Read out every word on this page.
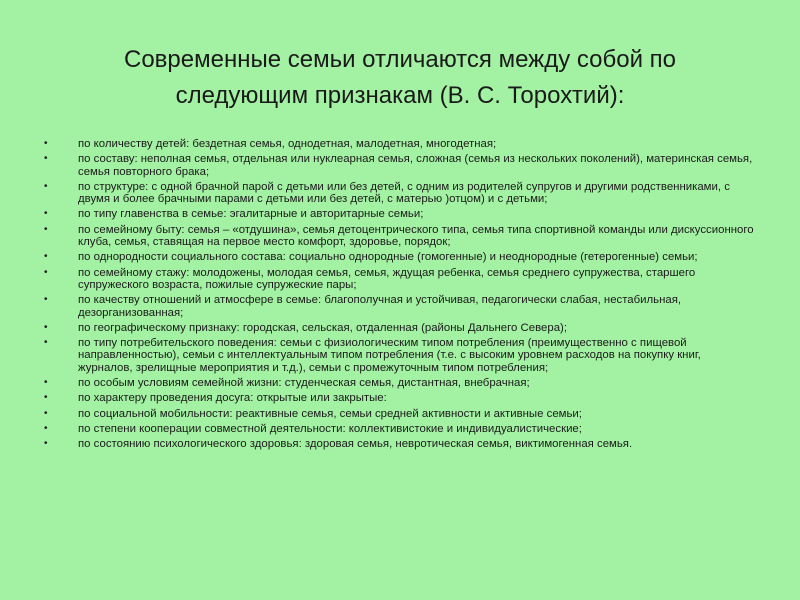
Современные семьи отличаются между собой по
следующим признакам (В. С. Торохтий):
•	по количеству детей: бездетная семья, однодетная, малодетная, многодетная;
•	по составу: неполная семья, отдельная или нуклеарная семья, сложная (семья из нескольких поколений), материнская семья, семья повторного брака;
•	по структуре: с одной брачной парой с детьми или без детей, с одним из родителей супругов и другими родственниками, с двумя и более брачными парами с детьми или без детей, с матерью )отцом) и с детьми;
•	по типу главенства в семье: эгалитарные и авторитарные семьи;
•	по семейному быту: семья – «отдушина», семья детоцентрического типа, семья типа спортивной команды или дискуссионного клуба, семья, ставящая на первое место комфорт, здоровье, порядок;
•	по однородности социального состава: социально однородные (гомогенные) и неоднородные (гетерогенные) семьи;
•	по семейному стажу: молодожены, молодая семья, семья, ждущая ребенка, семья среднего супружества, старшего супружеского возраста, пожилые супружеские пары;
•	по качеству отношений и атмосфере в семье: благополучная и устойчивая, педагогически слабая, нестабильная, дезорганизованная;
•	по географическому признаку: городская, сельская, отдаленная (районы Дальнего Севера);
•	по типу потребительского поведения: семьи с физиологическим типом потребления (преимущественно с пищевой направленностью), семьи с интеллектуальным типом потребления (т.е. с высоким уровнем расходов на покупку книг, журналов, зрелищные мероприятия и т.д.), семьи с промежуточным типом потребления;
•	по особым условиям семейной жизни: студенческая семья, дистантная, внебрачная;
•	по характеру проведения досуга: открытые или закрытые:
•	по социальной мобильности: реактивные семья, семьи средней активности и активные семьи;
•	по степени кооперации совместной деятельности: коллективистокие и индивидуалистические;
•	по состоянию психологического здоровья: здоровая семья, невротическая семья, виктимогенная семья.
